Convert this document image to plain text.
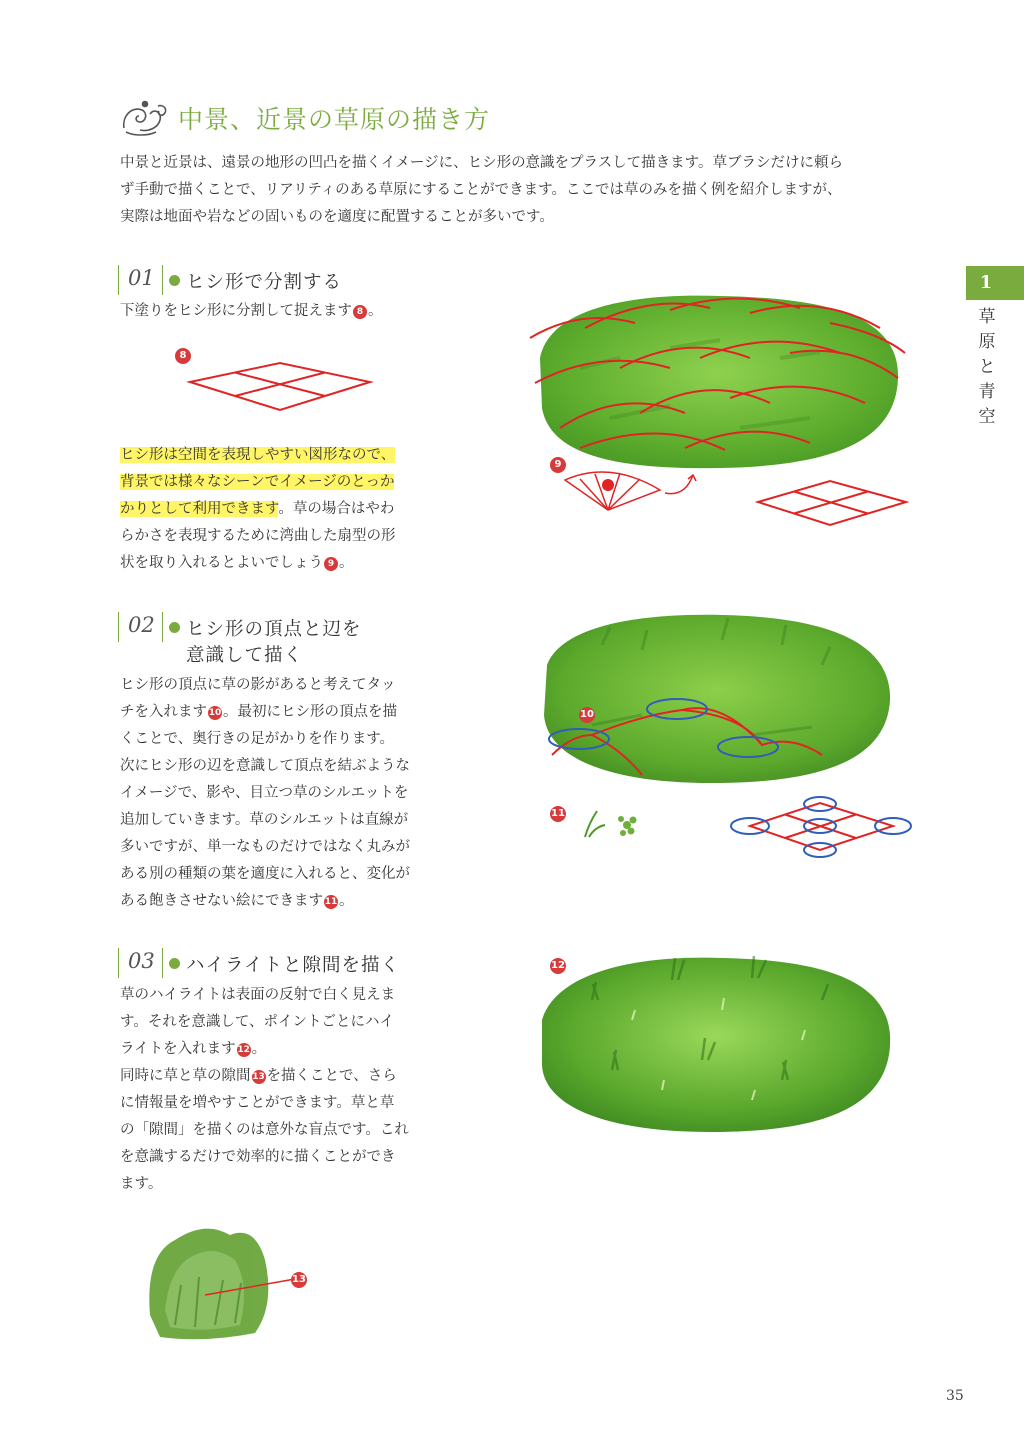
中景、近景の草原の描き方
中景と近景は、遠景の地形の凹凸を描くイメージに、ヒシ形の意識をプラスして描きます。草ブラシだけに頼ら
ず手動で描くことで、リアリティのある草原にすることができます。ここでは草のみを描く例を紹介しますが、
実際は地面や岩などの固いものを適度に配置することが多いです。
1
草
原
と
青
空
01 ヒシ形で分割する
下塗りをヒシ形に分割して捉えます 8 。
8
ヒシ形は空間を表現しやすい図形なので、
背景では様々なシーンでイメージのとっか
かりとして利用できます。草の場合はやわ
らかさを表現するために湾曲した扇型の形
状を取り入れるとよいでしょう 9 。
9
02 ヒシ形の頂点と辺を
意識して描く
ヒシ形の頂点に草の影があると考えてタッ
チを入れます 10 。最初にヒシ形の頂点を描
くことで、奥行きの足がかりを作ります。
次にヒシ形の辺を意識して頂点を結ぶような
イメージで、影や、目立つ草のシルエットを
追加していきます。草のシルエットは直線が
多いですが、単一なものだけではなく丸みが
ある別の種類の葉を適度に入れると、変化が
ある飽きさせない絵にできます 11 。
10
11
03 ハイライトと隙間を描く
草のハイライトは表面の反射で白く見えま
す。それを意識して、ポイントごとにハイ
ライトを入れます 12 。
同時に草と草の隙間 13 を描くことで、さら
に情報量を増やすことができます。草と草
の「隙間」を描くのは意外な盲点です。これ
を意識するだけで効率的に描くことができ
ます。
12
13
35
